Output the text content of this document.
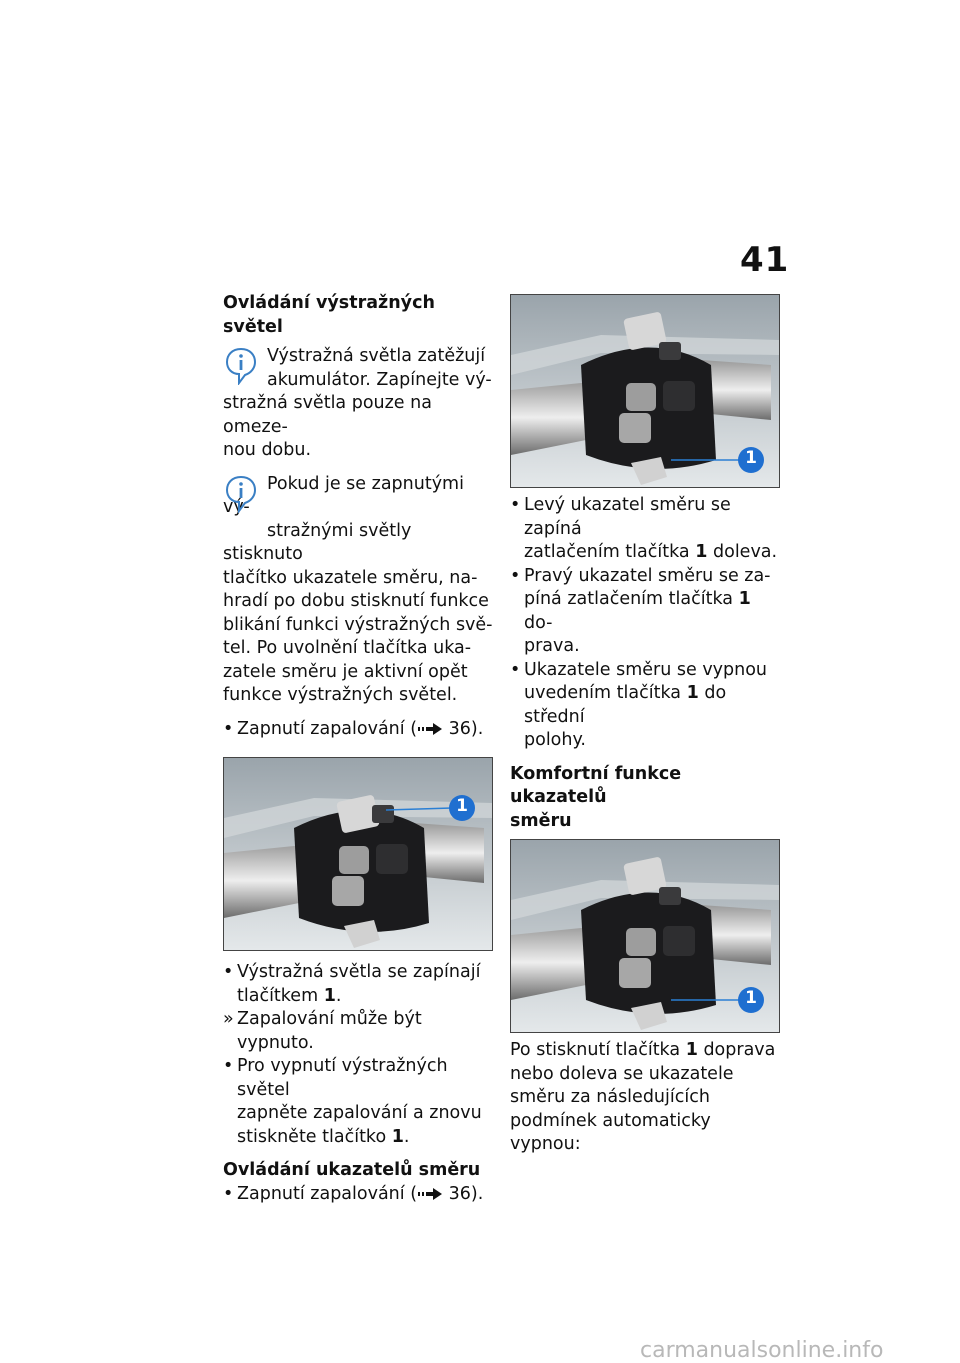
41
Ovládání výstražných světel

Výstražná světla zatěžují

akumulátor. Zapínejte vý-

stražná světla pouze na omeze-

nou dobu.

Pokud je se zapnutými vý-

stražnými světly stisknuto

tlačítko ukazatele směru, na-

hradí po dobu stisknutí funkce

blikání funkci výstražných svě-

tel. Po uvolnění tlačítka uka-

zatele směru je aktivní opět

funkce výstražných světel.

• Zapnutí zapalování ( 36).

1

• Výstražná světla se zapínají

tlačítkem 1.

» Zapalování může být vypnuto.

• Pro vypnutí výstražných světel

zapněte zapalování a znovu

stiskněte tlačítko 1.

Ovládání ukazatelů směru

• Zapnutí zapalování ( 36).

1

• Levý ukazatel směru se zapíná

zatlačením tlačítka 1 doleva.

• Pravý ukazatel směru se za-

píná zatlačením tlačítka 1 do-

prava.

• Ukazatele směru se vypnou

uvedením tlačítka 1 do střední

polohy.

Komfortní funkce ukazatelů
směru
1

Po stisknutí tlačítka 1 doprava

nebo doleva se ukazatele

směru za následujících

podmínek automaticky vypnou:

carmanualsonline.info
